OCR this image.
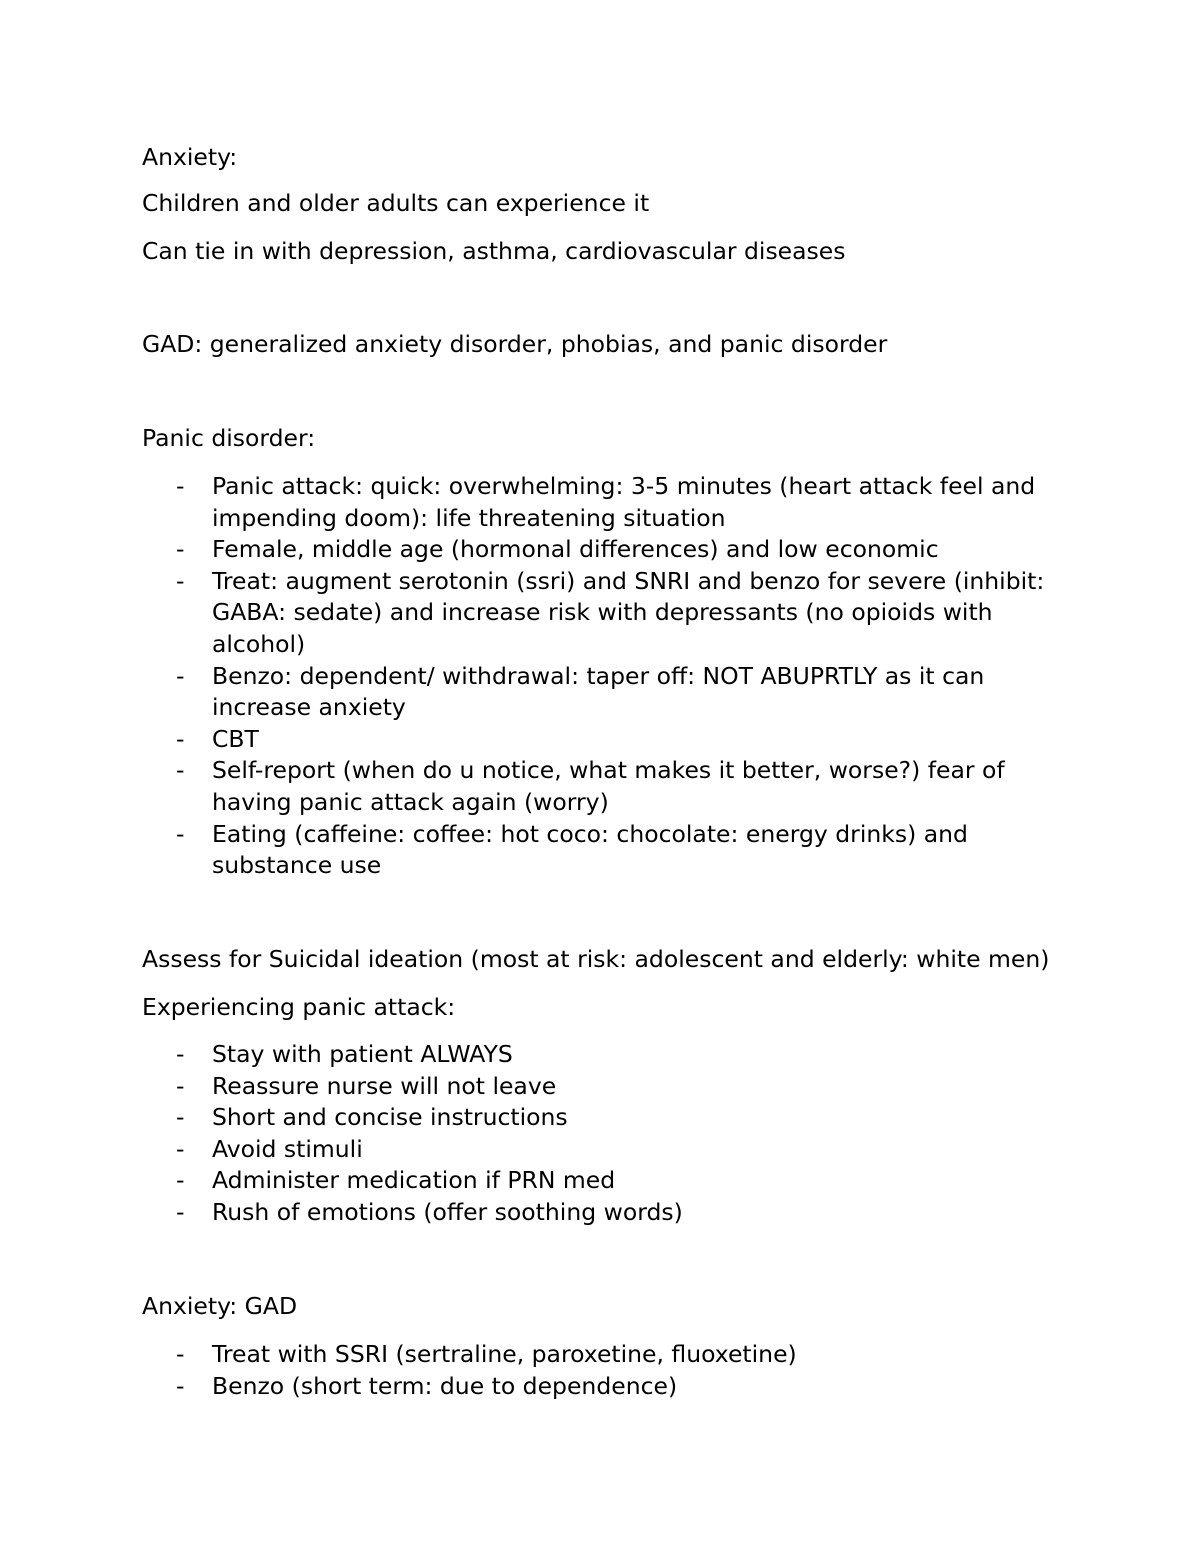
Anxiety:
Children and older adults can experience it
Can tie in with depression, asthma, cardiovascular diseases
GAD: generalized anxiety disorder, phobias, and panic disorder
Panic disorder:
- Panic attack: quick: overwhelming: 3-5 minutes (heart attack feel and impending doom): life threatening situation
- Female, middle age (hormonal differences) and low economic
- Treat: augment serotonin (ssri) and SNRI and benzo for severe (inhibit: GABA: sedate) and increase risk with depressants (no opioids with alcohol)
- Benzo: dependent/ withdrawal: taper off: NOT ABUPRTLY as it can increase anxiety
- CBT
- Self-report (when do u notice, what makes it better, worse?) fear of having panic attack again (worry)
- Eating (caffeine: coffee: hot coco: chocolate: energy drinks) and substance use
Assess for Suicidal ideation (most at risk: adolescent and elderly: white men)
Experiencing panic attack:
- Stay with patient ALWAYS
- Reassure nurse will not leave
- Short and concise instructions
- Avoid stimuli
- Administer medication if PRN med
- Rush of emotions (offer soothing words)
Anxiety: GAD
- Treat with SSRI (sertraline, paroxetine, fluoxetine)
- Benzo (short term: due to dependence)
